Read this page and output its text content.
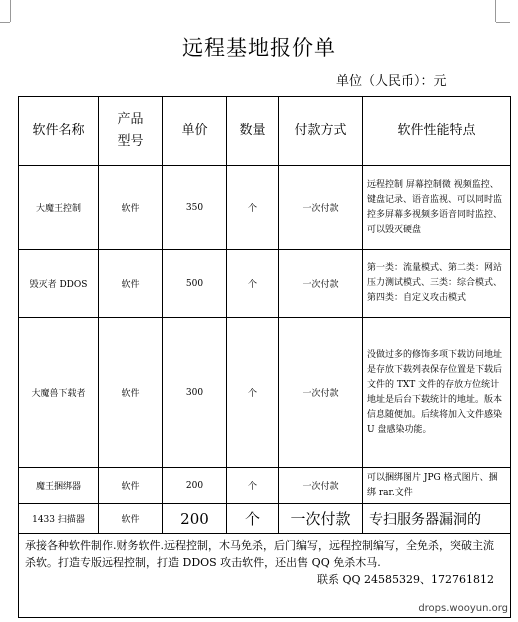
远程基地报价单
单位（人民币）：元
软件名称	产品型号	单价	数量	付款方式	软件性能特点
大魔王控制	软件	350	个	一次付款	远程控制 屏幕控制微 视频监控、键盘记录、语音监视、可以同时监控多屏幕多视频多语音同时监控、可以毁灭硬盘
毁灭者 DDOS	软件	500	个	一次付款	第一类：流量模式、第二类：网站压力测试模式、三类：综合模式、第四类：自定义攻击模式
大魔兽下载者	软件	300	个	一次付款	没做过多的修饰多项下载访问地址是存放下载列表保存位置是下载后文件的 TXT 文件的存放方位统计地址是后台下载统计的地址。版本信息随便加。后续将加入文件感染 U 盘感染功能。
魔王捆绑器	软件	200	个	一次付款	可以捆绑图片 JPG 格式图片、捆绑 rar.文件
1433 扫描器	软件	200	个	一次付款	专扫服务器漏洞的
承接各种软件制作.财务软件.远程控制，木马免杀，后门编写，远程控制编写，全免杀，突破主流杀软。打造专版远程控制，打造 DDOS 攻击软件，还出售 QQ 免杀木马.
联系 QQ 24585329、172761812					
drops.wooyun.org
